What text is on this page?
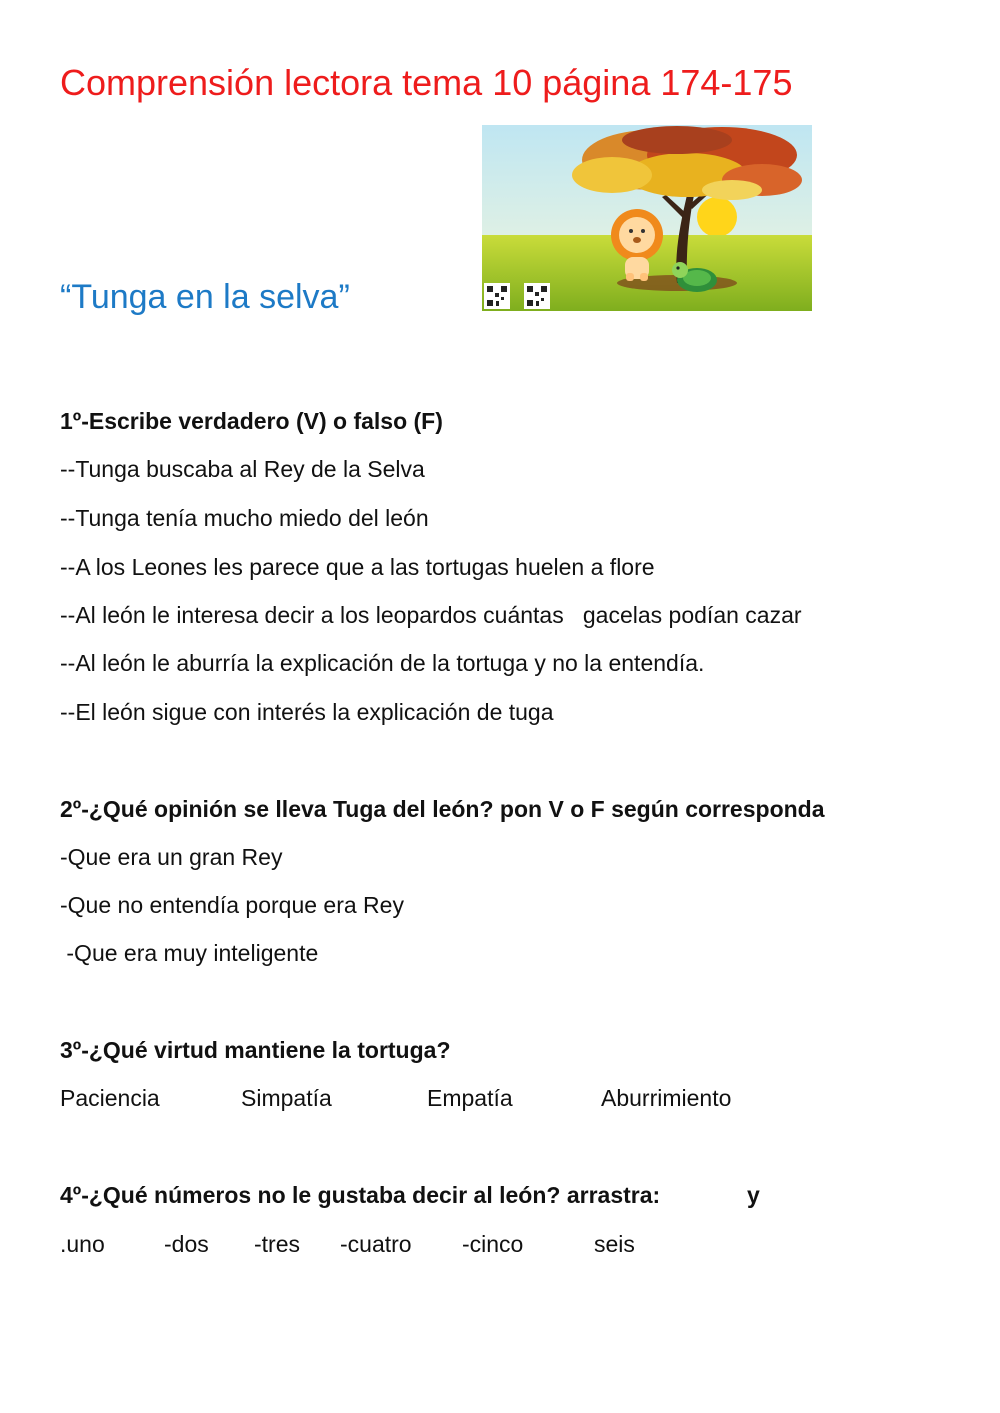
Comprensión lectora tema 10 página 174-175
“Tunga en la selva”
1º-Escribe verdadero (V) o falso (F)
--Tunga buscaba al Rey de la Selva
--Tunga tenía mucho miedo del león
--A los Leones les parece que a las tortugas huelen a flore
--Al león le interesa decir a los leopardos cuántas   gacelas podían cazar
--Al león le aburría la explicación de la tortuga y no la entendía.
--El león sigue con interés la explicación de tuga
2º-¿Qué opinión se lleva Tuga del león? pon V o F según corresponda
-Que era un gran Rey
-Que no entendía porque era Rey
-Que era muy inteligente
3º-¿Qué virtud mantiene la tortuga?
Paciencia	Simpatía	Empatía	Aburrimiento
4º-¿Qué números no le gustaba decir al león? arrastra:	y
.uno	-dos -tres -cuatro -cinco	seis
